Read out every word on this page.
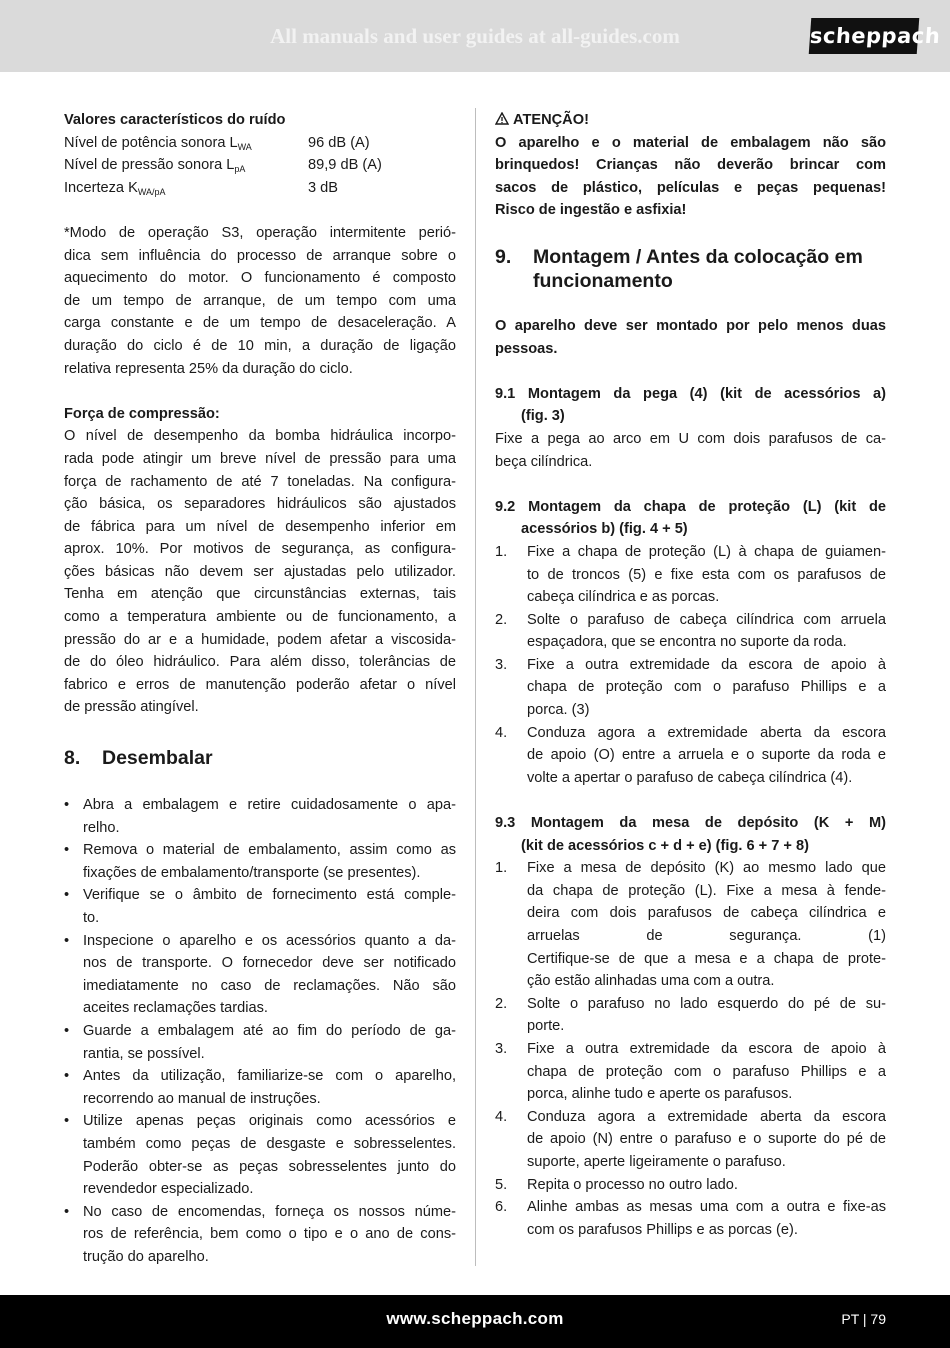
All manuals and user guides at all-guides.com	scheppach

Valores característicos do ruído

Nível de potência sonora $L_{WA}$	96 dB (A)
Nível de pressão sonora $L_{pA}$	89,9 dB (A)
Incerteza $K_{WA/pA}$	3 dB

*Modo de operação S3, operação intermitente perió-

dica sem influência do processo de arranque sobre o

aquecimento do motor. O funcionamento é composto

de um tempo de arranque, de um tempo com uma

carga constante e de um tempo de desaceleração. A

duração do ciclo é de 10 min, a duração de ligação

relativa representa 25% da duração do ciclo.

Força de compressão:

O nível de desempenho da bomba hidráulica incorpo-

rada pode atingir um breve nível de pressão para uma

força de rachamento de até 7 toneladas. Na configura-

ção básica, os separadores hidráulicos são ajustados

de fábrica para um nível de desempenho inferior em

aprox. 10%. Por motivos de segurança, as configura-

ções básicas não devem ser ajustadas pelo utilizador.

Tenha em atenção que circunstâncias externas, tais

como a temperatura ambiente ou de funcionamento, a

pressão do ar e a humidade, podem afetar a viscosida-

de do óleo hidráulico. Para além disso, tolerâncias de

fabrico e erros de manutenção poderão afetar o nível

de pressão atingível.

8.	Desembalar
• Abra a embalagem e retire cuidadosamente o apa-

relho.

• Remova o material de embalamento, assim como as

fixações de embalamento/transporte (se presentes).

• Verifique se o âmbito de fornecimento está comple-

to.

• Inspecione o aparelho e os acessórios quanto a da-

nos de transporte. O fornecedor deve ser notificado

imediatamente no caso de reclamações. Não são

aceites reclamações tardias.

• Guarde a embalagem até ao fim do período de ga-

rantia, se possível.

• Antes da utilização, familiarize-se com o aparelho,

recorrendo ao manual de instruções.

• Utilize apenas peças originais como acessórios e

também como peças de desgaste e sobresselentes.

Poderão obter-se as peças sobresselentes junto do

revendedor especializado.

• No caso de encomendas, forneça os nossos núme-

ros de referência, bem como o tipo e o ano de cons-

trução do aparelho.

ATENÇÃO!

O aparelho e o material de embalagem não são

brinquedos! Crianças não deverão brincar com

sacos de plástico, películas e peças pequenas!

Risco de ingestão e asfixia!

9.	Montagem / Antes da colocação em
funcionamento

O aparelho deve ser montado por pelo menos duas

pessoas.

9.1 Montagem da pega (4) (kit de acessórios a)

(fig. 3)

Fixe a pega ao arco em U com dois parafusos de ca-

beça cilíndrica.

9.2 Montagem da chapa de proteção (L) (kit de

acessórios b) (fig. 4 + 5)

1. Fixe a chapa de proteção (L) à chapa de guiamen-

to de troncos (5) e fixe esta com os parafusos de

cabeça cilíndrica e as porcas.

2. Solte o parafuso de cabeça cilíndrica com arruela

espaçadora, que se encontra no suporte da roda.

3. Fixe a outra extremidade da escora de apoio à

chapa de proteção com o parafuso Phillips e a

porca. (3)

4. Conduza agora a extremidade aberta da escora

de apoio (O) entre a arruela e o suporte da roda e

volte a apertar o parafuso de cabeça cilíndrica (4).

9.3 Montagem da mesa de depósito (K + M)

(kit de acessórios c + d + e) (fig. 6 + 7 + 8)

1. Fixe a mesa de depósito (K) ao mesmo lado que

da chapa de proteção (L). Fixe a mesa à fende-

deira com dois parafusos de cabeça cilíndrica e

arruelas de segurança. (1)

Certifique-se de que a mesa e a chapa de prote-

ção estão alinhadas uma com a outra.

2. Solte o parafuso no lado esquerdo do pé de su-

porte.

3. Fixe a outra extremidade da escora de apoio à

chapa de proteção com o parafuso Phillips e a

porca, alinhe tudo e aperte os parafusos.

4. Conduza agora a extremidade aberta da escora

de apoio (N) entre o parafuso e o suporte do pé de

suporte, aperte ligeiramente o parafuso.

5. Repita o processo no outro lado.

6. Alinhe ambas as mesas uma com a outra e fixe-as

com os parafusos Phillips e as porcas (e).

www.scheppach.com	PT | 79
